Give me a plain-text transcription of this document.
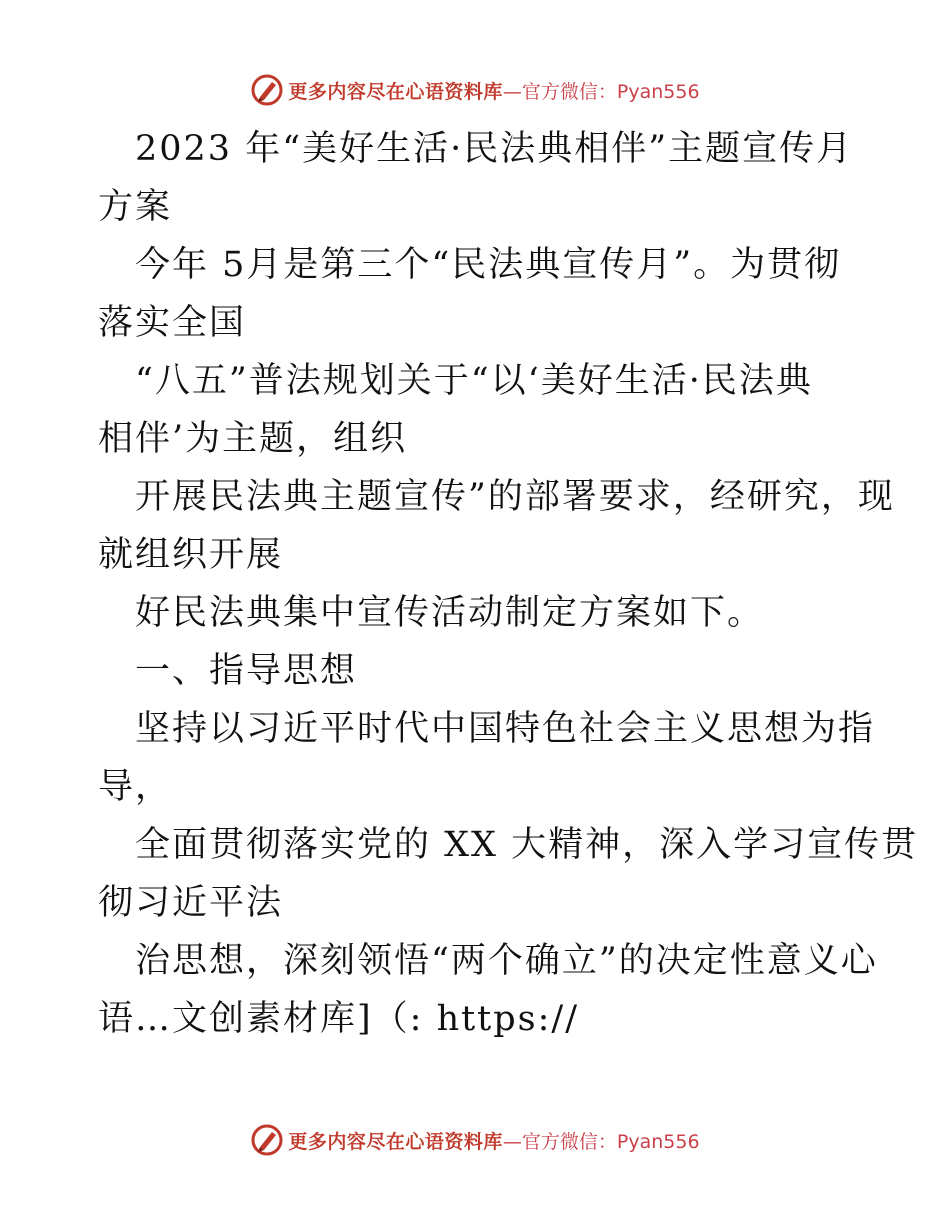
更多内容尽在心语资料库 —官方微信：Pyan556
2023 年“美好生活·民法典相伴”主题宣传月
方案
今年 5月是第三个“民法典宣传月”。为贯彻
落实全国
“八五”普法规划关于“以‘美好生活·民法典
相伴’为主题，组织
开展民法典主题宣传”的部署要求，经研究，现
就组织开展
好民法典集中宣传活动制定方案如下。
一、指导思想
坚持以习近平时代中国特色社会主义思想为指
导，
全面贯彻落实党的 XX 大精神，深入学习宣传贯
彻习近平法
治思想，深刻领悟“两个确立”的决定性意义心
语…文创素材库]（: https://
更多内容尽在心语资料库 —官方微信：Pyan556
